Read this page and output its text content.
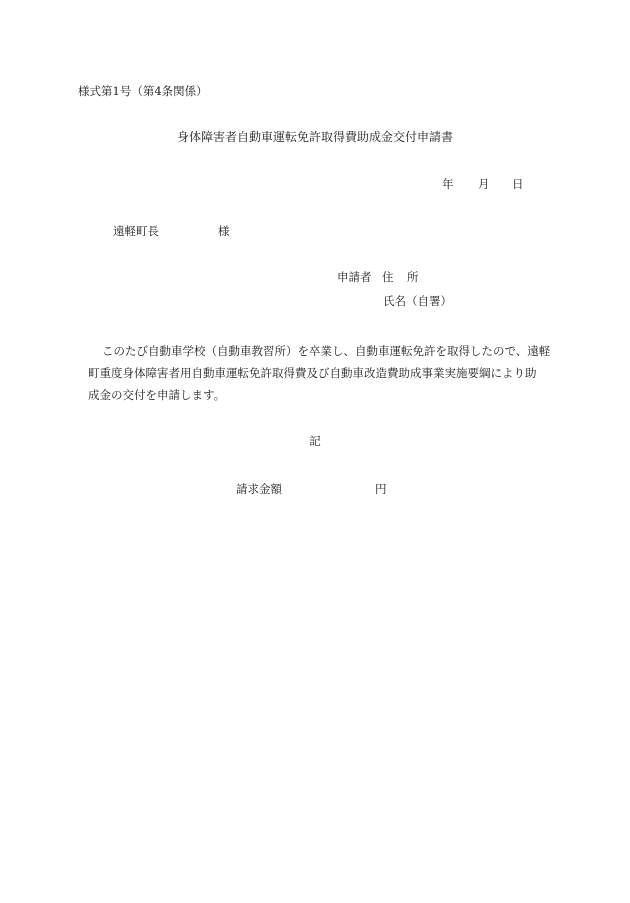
様式第1号（第4条関係）
身体障害者自動車運転免許取得費助成金交付申請書
年 月 日
遠軽町長	様
申請者 住 所
氏名（自署）
このたび自動車学校（自動車教習所）を卒業し、自動車運転免許を取得したので、遠軽
町重度身体障害者用自動車運転免許取得費及び自動車改造費助成事業実施要綱により助
成金の交付を申請します。
記
請求金額	円
